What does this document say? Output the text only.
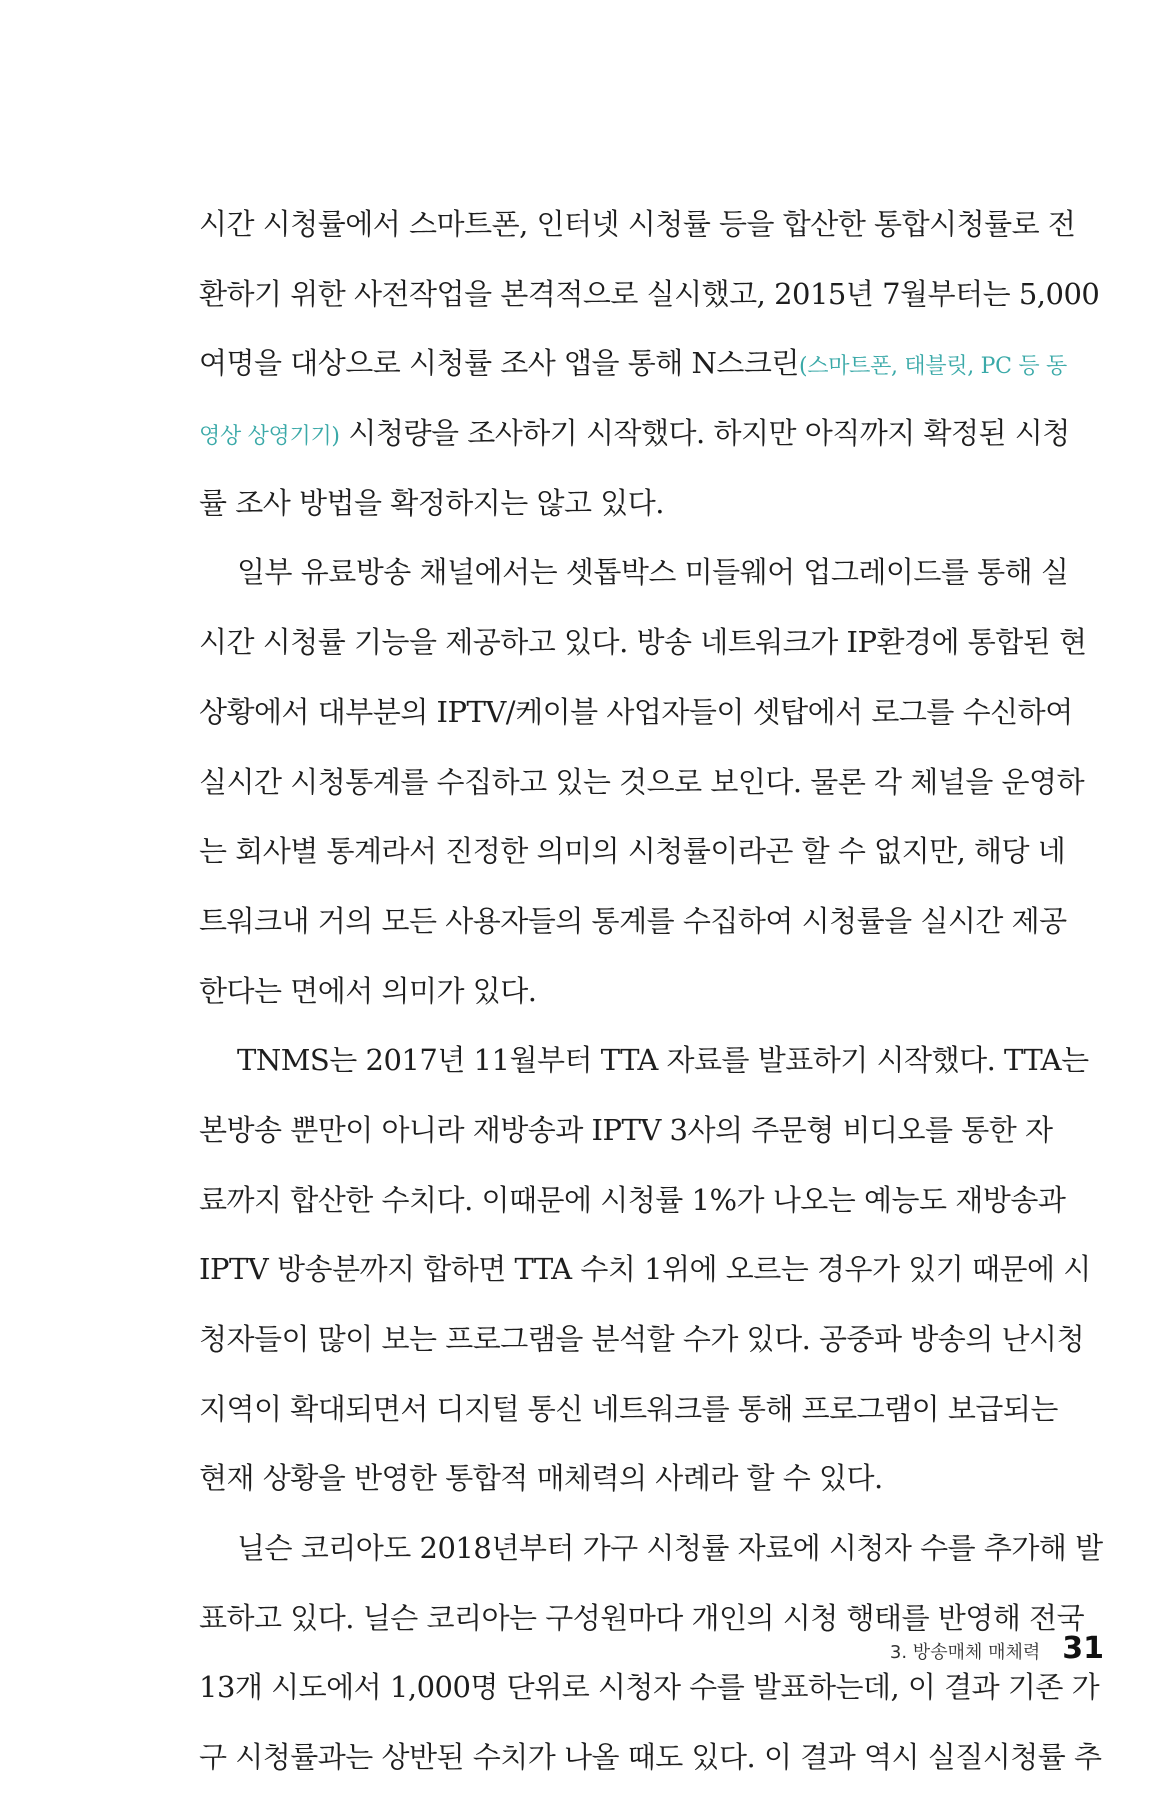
시간 시청률에서 스마트폰, 인터넷 시청률 등을 합산한 통합시청률로 전
환하기 위한 사전작업을 본격적으로 실시했고, 2015년 7월부터는 5,000
여명을 대상으로 시청률 조사 앱을 통해 N스크린(스마트폰, 태블릿, PC 등 동
영상 상영기기) 시청량을 조사하기 시작했다. 하지만 아직까지 확정된 시청
률 조사 방법을 확정하지는 않고 있다.
일부 유료방송 채널에서는 셋톱박스 미들웨어 업그레이드를 통해 실
시간 시청률 기능을 제공하고 있다. 방송 네트워크가 IP환경에 통합된 현
상황에서 대부분의 IPTV/케이블 사업자들이 셋탑에서 로그를 수신하여
실시간 시청통계를 수집하고 있는 것으로 보인다. 물론 각 체널을 운영하
는 회사별 통계라서 진정한 의미의 시청률이라곤 할 수 없지만, 해당 네
트워크내 거의 모든 사용자들의 통계를 수집하여 시청률을 실시간 제공
한다는 면에서 의미가 있다.
TNMS는 2017년 11월부터 TTA 자료를 발표하기 시작했다. TTA는
본방송 뿐만이 아니라 재방송과 IPTV 3사의 주문형 비디오를 통한 자
료까지 합산한 수치다. 이때문에 시청률 1%가 나오는 예능도 재방송과
IPTV 방송분까지 합하면 TTA 수치 1위에 오르는 경우가 있기 때문에 시
청자들이 많이 보는 프로그램을 분석할 수가 있다. 공중파 방송의 난시청
지역이 확대되면서 디지털 통신 네트워크를 통해 프로그램이 보급되는
현재 상황을 반영한 통합적 매체력의 사례라 할 수 있다.
닐슨 코리아도 2018년부터 가구 시청률 자료에 시청자 수를 추가해 발
표하고 있다. 닐슨 코리아는 구성원마다 개인의 시청 행태를 반영해 전국
13개 시도에서 1,000명 단위로 시청자 수를 발표하는데, 이 결과 기존 가
구 시청률과는 상반된 수치가 나올 때도 있다. 이 결과 역시 실질시청률 추
3. 방송매체 매체력 31
